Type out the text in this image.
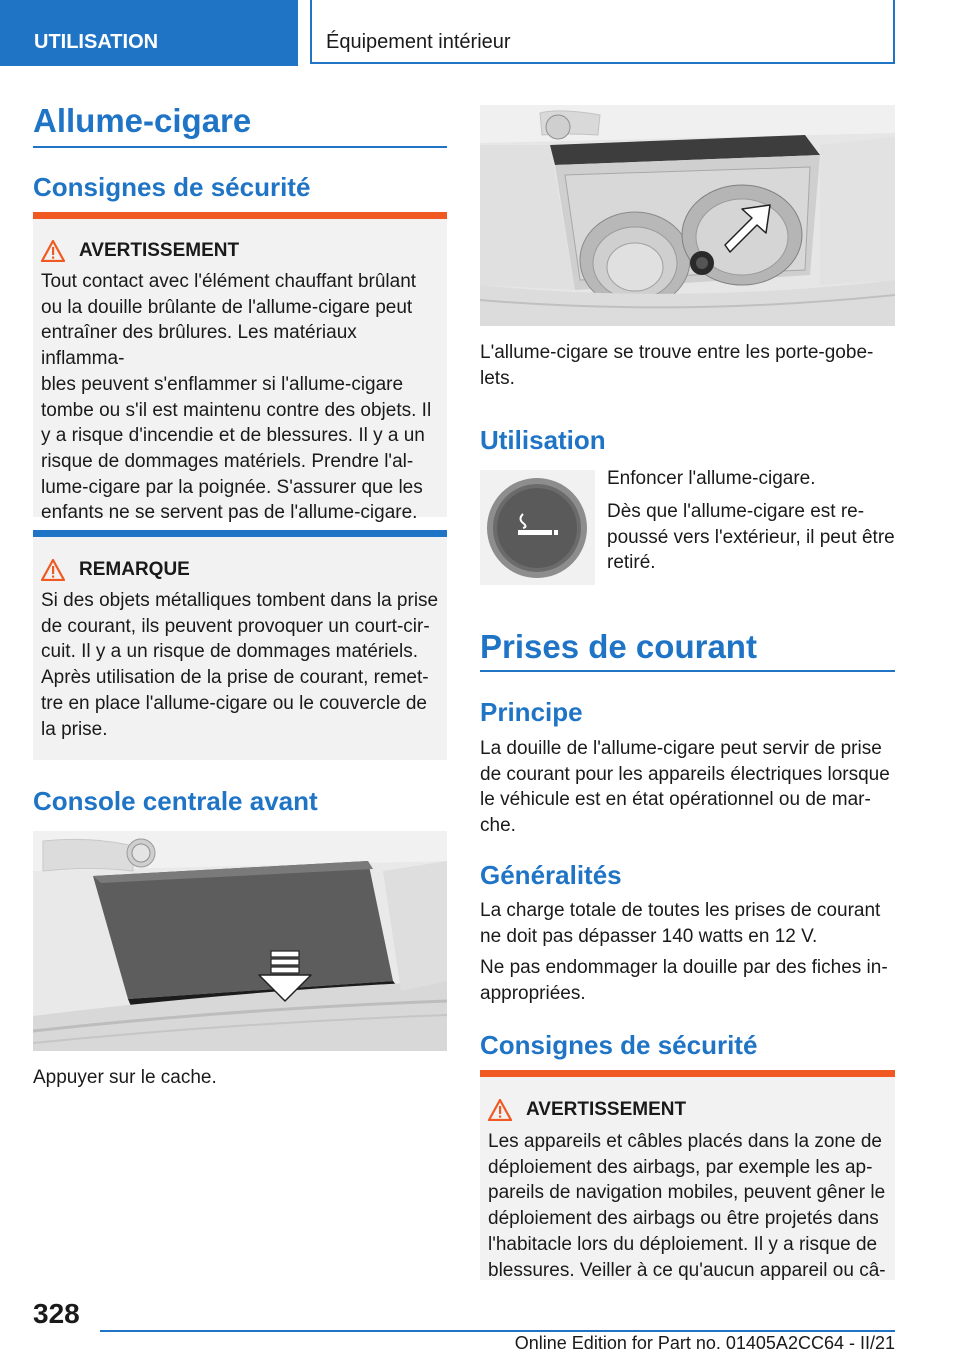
UTILISATION	Équipement intérieur
Allume-cigare
Consignes de sécurité
AVERTISSEMENT
Tout contact avec l'élément chauffant brûlant
ou la douille brûlante de l'allume-cigare peut
entraîner des brûlures. Les matériaux inflamma-
bles peuvent s'enflammer si l'allume-cigare
tombe ou s'il est maintenu contre des objets. Il
y a risque d'incendie et de blessures. Il y a un
risque de dommages matériels. Prendre l'al-
lume-cigare par la poignée. S'assurer que les
enfants ne se servent pas de l'allume-cigare.
REMARQUE
Si des objets métalliques tombent dans la prise
de courant, ils peuvent provoquer un court-cir-
cuit. Il y a un risque de dommages matériels.
Après utilisation de la prise de courant, remet-
tre en place l'allume-cigare ou le couvercle de
la prise.
Console centrale avant

Appuyer sur le cache.

L'allume-cigare se trouve entre les porte-gobe-
lets.
Utilisation

Enfoncer l'allume-cigare.

Dès que l'allume-cigare est re-
poussé vers l'extérieur, il peut être
retiré.
Prises de courant
Principe
La douille de l'allume-cigare peut servir de prise
de courant pour les appareils électriques lorsque
le véhicule est en état opérationnel ou de mar-
che.
Généralités
La charge totale de toutes les prises de courant
ne doit pas dépasser 140 watts en 12 V.
Ne pas endommager la douille par des fiches in-
appropriées.
Consignes de sécurité
AVERTISSEMENT
Les appareils et câbles placés dans la zone de
déploiement des airbags, par exemple les ap-
pareils de navigation mobiles, peuvent gêner le
déploiement des airbags ou être projetés dans
l'habitacle lors du déploiement. Il y a risque de
blessures. Veiller à ce qu'aucun appareil ou câ-
328
Online Edition for Part no. 01405A2CC64 - II/21
